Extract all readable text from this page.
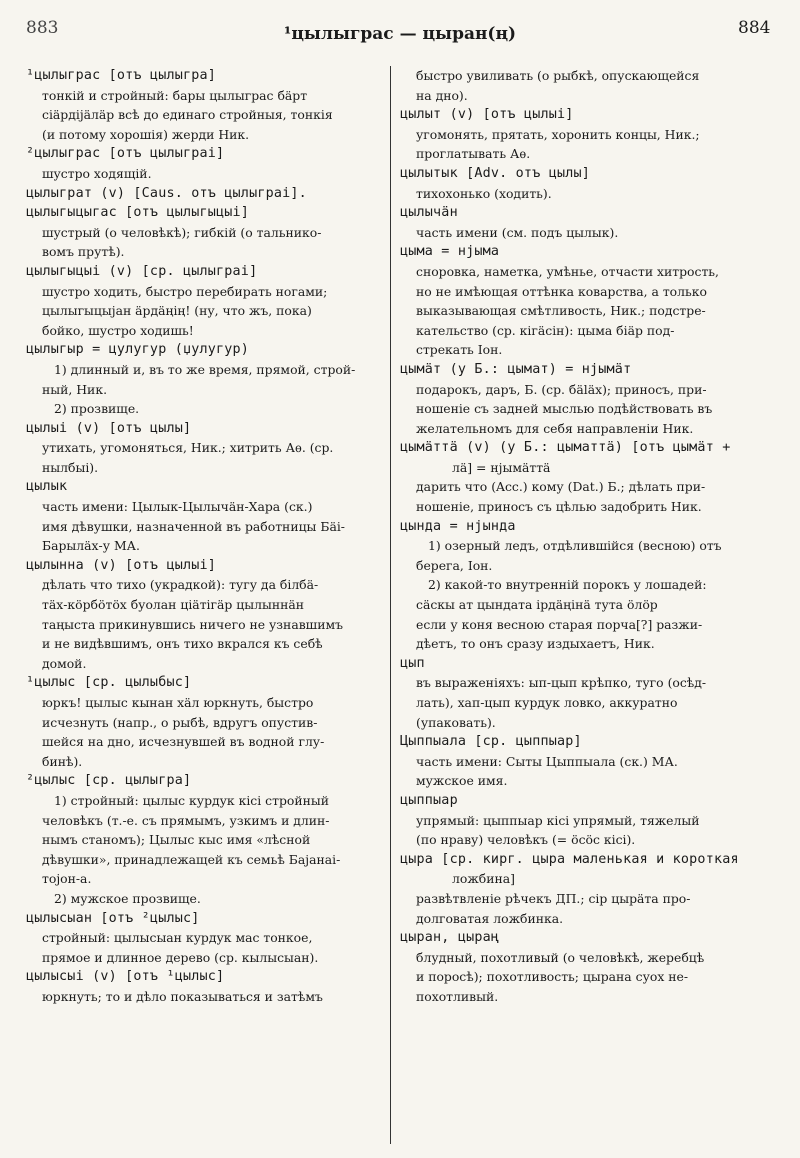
883	¹цылыграс — цыран(ң)	884
¹цылыграс [отъ цылыгра]
тонкiй и стройный: бары цылыграс бäрт
сiäрдiјäлäр всѣ до единаго стройныя, тонкiя
(и потому хорошiя) жерди Ник.
²цылыграс [отъ цылыграi]
шустро ходящiй.
цылыграт (v) [Caus. отъ цылыграi].
цылыгыцыгас [отъ цылыгыцыi]
шустрый (о человѣкѣ); гибкiй (о тальнико-
вомъ прутѣ).
цылыгыцыi (v) [ср. цылыграi]
шустро ходить, быстро перебирать ногами;
цылыгыцыјан äрдäңiң! (ну, что жъ, пока)
бойко, шустро ходишь!
цылыгыр = цулугур (џулугур)
1) длинный и, въ то же время, прямой, строй-
ный, Ник.
2) прозвище.
цылыi (v) [отъ цылы]
утихать, угомоняться, Ник.; хитрить Аѳ. (ср.
нылбыi).
цылык
часть имени: Цылык-Цылычäн-Хара (ск.)
имя дѣвушки, назначенной въ работницы Бäi-
Барылäх-у МА.
цылынна (v) [отъ цылыi]
дѣлать что тихо (украдкой): тугу да бiлбä-
тäх-кöрбöтöх буолан цiäтiгäр цылыннäн
таңыста прикинувшись ничего не узнавшимъ
и не видѣвшимъ, онъ тихо вкрался къ себѣ
домой.
¹цылыс [ср. цылыбыс]
юркъ! цылыс кынан хäл юркнуть, быстро
исчезнуть (напр., о рыбѣ, вдругъ опустив-
шейся на дно, исчезнувшей въ водной глу-
бинѣ).
²цылыс [ср. цылыгра]
1) стройный: цылыс курдук кiсi стройный
человѣкъ (т.-е. съ прямымъ, узкимъ и длин-
нымъ станомъ); Цылыс кыс имя «лѣсной
дѣвушки», принадлежащей къ семьѣ Бајанаi-
тојон-а.
2) мужское прозвище.
цылысыан [отъ ²цылыс]
стройный: цылысыан курдук мас тонкое,
прямое и длинное дерево (ср. кылысыан).
цылысыi (v) [отъ ¹цылыс]
юркнуть; то и дѣло показываться и затѣмъ
быстро увиливать (о рыбкѣ, опускающейся
на дно).
цылыт (v) [отъ цылыi]
угомонять, прятать, хоронить концы, Ник.;
проглатывать Аѳ.
цылытык [Adv. отъ цылы]
тихохонько (ходить).
цылычäн
часть имени (см. подъ цылык).
цыма = нјыма
сноровка, наметка, умѣнье, отчасти хитрость,
но не имѣющая оттѣнка коварства, а только
выказывающая смѣтливость, Ник.; подстре-
кательство (ср. кiгäсiн): цыма бiäр под-
стрекать Іон.
цымäт (у Б.: цымат) = нјымäт
подарокъ, даръ, Б. (ср. бäläх); приносъ, при-
ношенiе съ задней мыслью подѣйствовать въ
желательномъ для себя направленiи Ник.
цымäттä (v) (у Б.: цыматтä) [отъ цымäт +
лä] = нјымäттä
дарить что (Acc.) кому (Dat.) Б.; дѣлать при-
ношенiе, приносъ съ цѣлью задобрить Ник.
цында = нјында
1) озерный ледъ, отдѣлившiйся (весною) отъ
берега, Іон.
2) какой-то внутреннiй порокъ у лошадей:
сäскы ат цындата iрдäңiнä тута öлöр
если у коня весною старая порча[?] разжи-
дѣетъ, то онъ сразу издыхаетъ, Ник.
цып
въ выраженiяхъ: ып-цып крѣпко, туго (осѣд-
лать), хап-цып курдук ловко, аккуратно
(упаковать).
Цыппыала [ср. цыппыар]
часть имени: Сыты Цыппыала (ск.) МА.
мужское имя.
цыппыар
упрямый: цыппыар кiсi упрямый, тяжелый
(по нраву) человѣкъ (= öсöс кiсi).
цыра [ср. кирг. цыра маленькая и короткая
ложбина]
развѣтвленiе рѣчекъ ДП.; сiр цырäта про-
долговатая ложбинка.
цыран, цыраң
блудный, похотливый (о человѣкѣ, жеребцѣ
и поросѣ); похотливость; цырана суох не-
похотливый.
